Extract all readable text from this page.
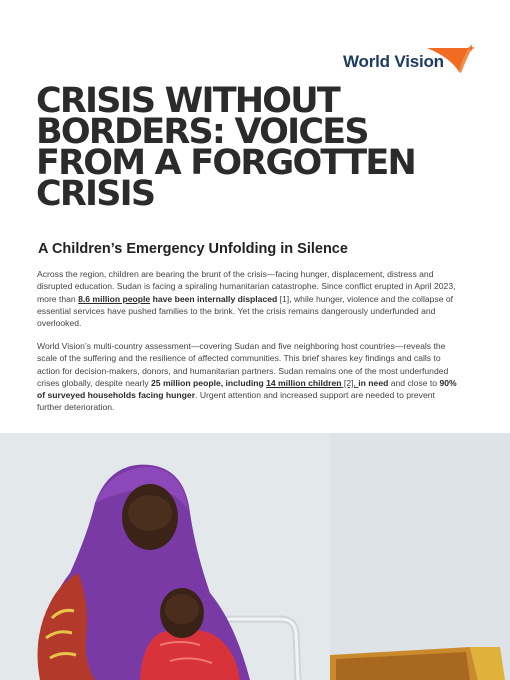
World Vision
CRISIS WITHOUT BORDERS: VOICES FROM A FORGOTTEN CRISIS
A Children’s Emergency Unfolding in Silence

Across the region, children are bearing the brunt of the crisis—facing hunger, displacement, distress and disrupted education. Sudan is facing a spiraling humanitarian catastrophe. Since conflict erupted in April 2023, more than 8.6 million people have been internally displaced [1], while hunger, violence and the collapse of essential services have pushed families to the brink. Yet the crisis remains dangerously underfunded and overlooked.

World Vision’s multi-country assessment—covering Sudan and five neighboring host countries—reveals the scale of the suffering and the resilience of affected communities. This brief shares key findings and calls to action for decision-makers, donors, and humanitarian partners. Sudan remains one of the most underfunded crises globally, despite nearly 25 million people, including 14 million children [2], in need and close to 90% of surveyed households facing hunger. Urgent attention and increased support are needed to prevent further deterioration.
